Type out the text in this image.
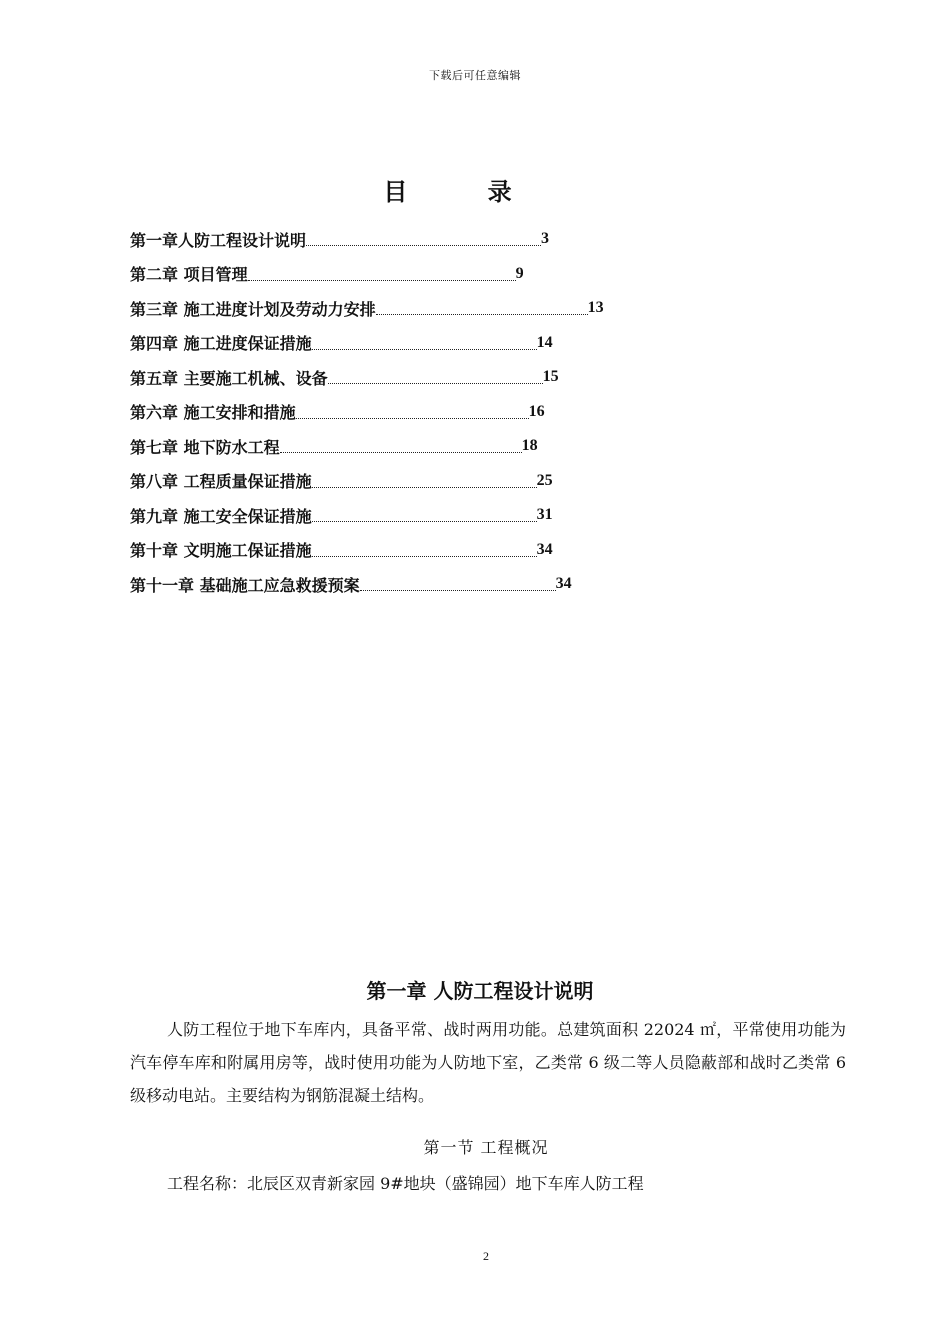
下载后可任意编辑
目 录
第一章人防工程设计说明	3
第二章 项目管理	9
第三章 施工进度计划及劳动力安排	13
第四章 施工进度保证措施	14
第五章 主要施工机械、设备	15
第六章 施工安排和措施	16
第七章 地下防水工程	18
第八章 工程质量保证措施	25
第九章 施工安全保证措施	31
第十章 文明施工保证措施	34
第十一章 基础施工应急救援预案	34
第一章 人防工程设计说明
人防工程位于地下车库内，具备平常、战时两用功能。总建筑面积 22024 ㎡，平常使用功能为汽车停车库和附属用房等，战时使用功能为人防地下室，乙类常 6 级二等人员隐蔽部和战时乙类常 6 级移动电站。主要结构为钢筋混凝土结构。
第一节 工程概况
工程名称：北辰区双青新家园 9#地块（盛锦园）地下车库人防工程
2
